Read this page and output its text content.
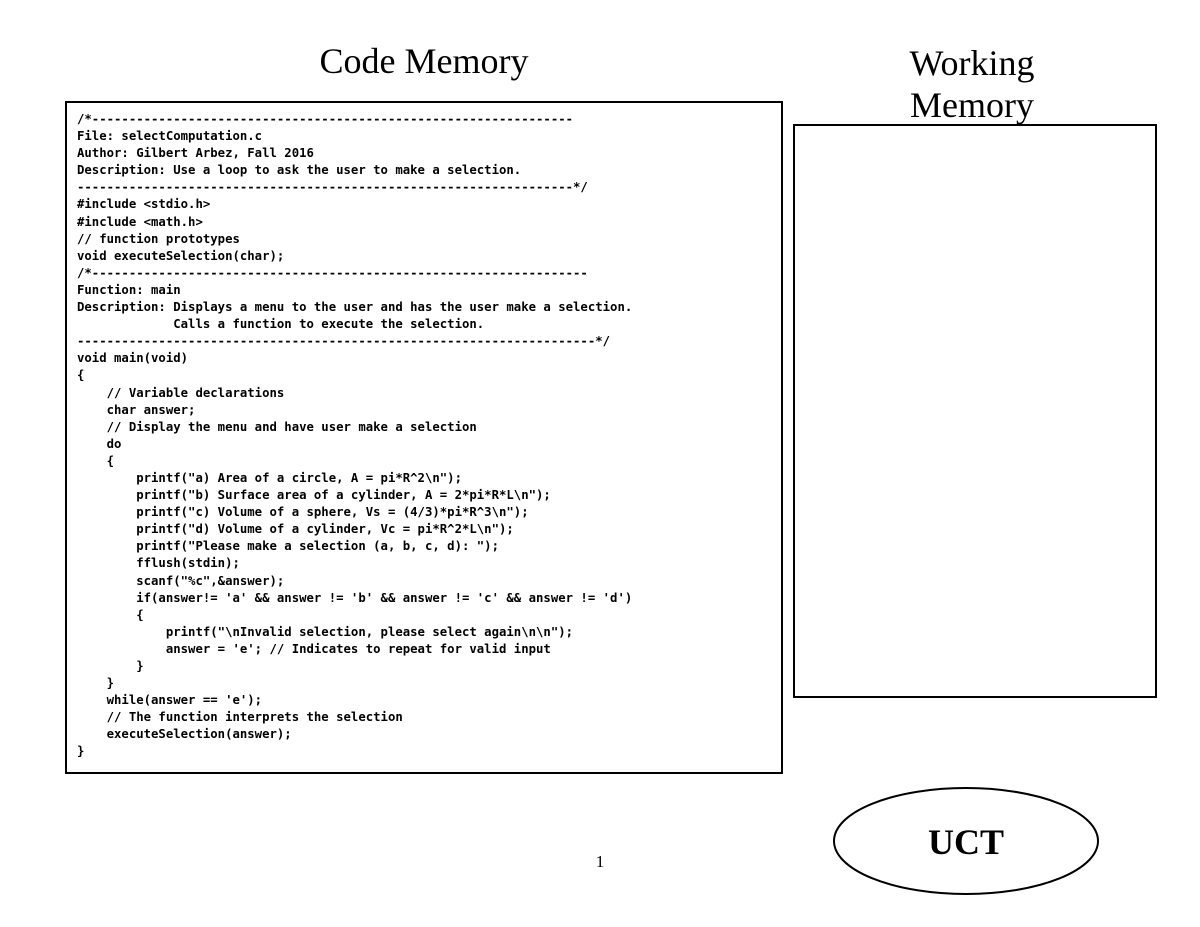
Code Memory	Working
Memory
/*-----------------------------------------------------------------
File: selectComputation.c
Author: Gilbert Arbez, Fall 2016
Description: Use a loop to ask the user to make a selection.
-------------------------------------------------------------------*/
#include <stdio.h>
#include <math.h>
// function prototypes
void executeSelection(char);
/*-------------------------------------------------------------------
Function: main
Description: Displays a menu to the user and has the user make a selection.
Calls a function to execute the selection.
----------------------------------------------------------------------*/
void main(void)
{
// Variable declarations
char answer;
// Display the menu and have user make a selection
do
{
printf("a) Area of a circle, A = pi*R^2\n");
printf("b) Surface area of a cylinder, A = 2*pi*R*L\n");
printf("c) Volume of a sphere, Vs = (4/3)*pi*R^3\n");
printf("d) Volume of a cylinder, Vc = pi*R^2*L\n");
printf("Please make a selection (a, b, c, d): ");
fflush(stdin);
scanf("%c",&answer);
if(answer!= 'a' && answer != 'b' && answer != 'c' && answer != 'd')
{
printf("\nInvalid selection, please select again\n\n");
answer = 'e'; // Indicates to repeat for valid input
}
}
while(answer == 'e');
// The function interprets the selection
executeSelection(answer);
}
UCT
1
